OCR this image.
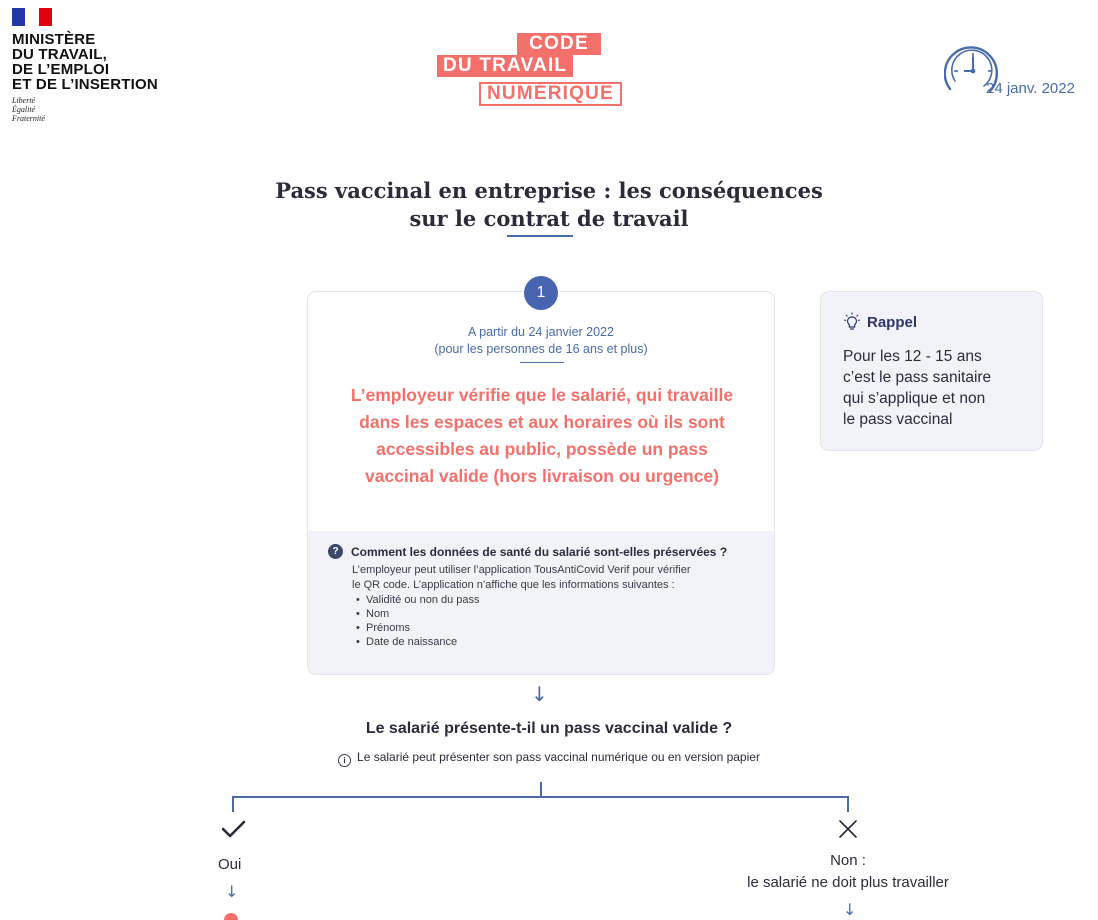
MINISTÈRE
DU TRAVAIL,
DE L’EMPLOI
ET DE L’INSERTION
Liberté
Égalité
Fraternité
CODE
DU TRAVAIL
NUMÉRIQUE	24 janv. 2022
Pass vaccinal en entreprise : les conséquences
sur le contrat de travail
1
A partir du 24 janvier 2022
(pour les personnes de 16 ans et plus)
L’employeur vérifie que le salarié, qui travaille dans les espaces et aux horaires où ils sont accessibles au public, possède un pass vaccinal valide (hors livraison ou urgence)
?	Comment les données de santé du salarié sont-elles préservées ?
L’employeur peut utiliser l’application TousAntiCovid Verif pour vérifier
le QR code. L’application n’affiche que les informations suivantes :
• Validité ou non du pass
• Nom
• Prénoms
• Date de naissance
Rappel
Pour les 12 - 15 ans
c’est le pass sanitaire
qui s’applique et non
le pass vaccinal
↓
Le salarié présente-t-il un pass vaccinal valide ?
i Le salarié peut présenter son pass vaccinal numérique ou en version papier
Oui
↓
Non :
le salarié ne doit plus travailler
↓
